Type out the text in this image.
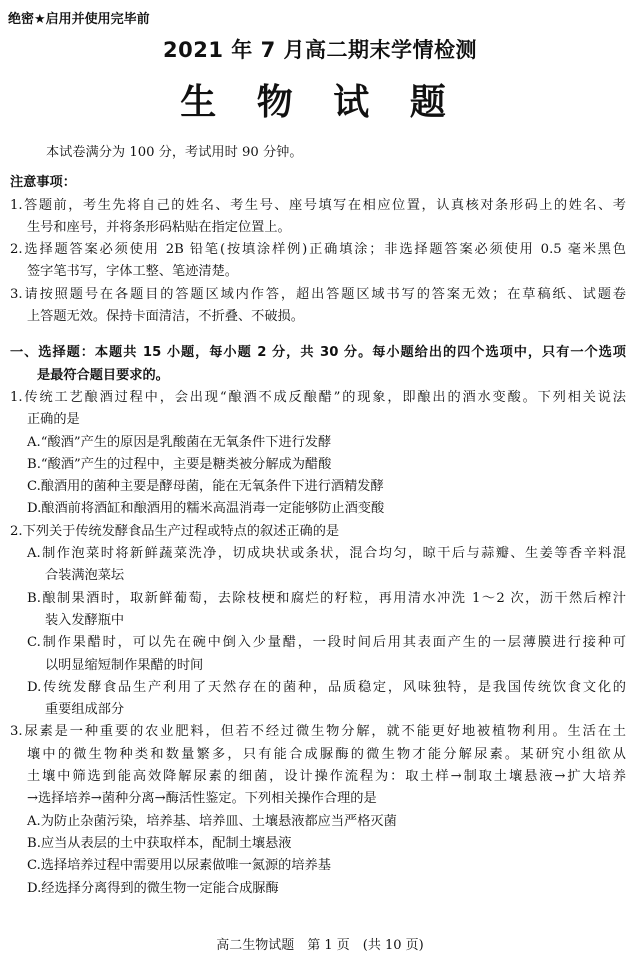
绝密★启用并使用完毕前
2021 年 7 月高二期末学情检测
生 物 试 题

本试卷满分为 100 分，考试用时 90 分钟。

注意事项：

1.答题前，考生先将自己的姓名、考生号、座号填写在相应位置，认真核对条形码上的姓名、考

生号和座号，并将条形码粘贴在指定位置上。

2.选择题答案必须使用 2B 铅笔(按填涂样例)正确填涂；非选择题答案必须使用 0.5 毫米黑色

签字笔书写，字体工整、笔迹清楚。

3.请按照题号在各题目的答题区域内作答，超出答题区域书写的答案无效；在草稿纸、试题卷

上答题无效。保持卡面清洁，不折叠、不破损。

一、选择题：本题共 15 小题，每小题 2 分，共 30 分。每小题给出的四个选项中，只有一个选项

是最符合题目要求的。

1.传统工艺酿酒过程中，会出现“酿酒不成反酿醋”的现象，即酿出的酒水变酸。下列相关说法

正确的是

A.“酸酒”产生的原因是乳酸菌在无氧条件下进行发酵

B.“酸酒”产生的过程中，主要是糖类被分解成为醋酸

C.酿酒用的菌种主要是酵母菌，能在无氧条件下进行酒精发酵

D.酿酒前将酒缸和酿酒用的糯米高温消毒一定能够防止酒变酸

2.下列关于传统发酵食品生产过程或特点的叙述正确的是

A.制作泡菜时将新鲜蔬菜洗净，切成块状或条状，混合均匀，晾干后与蒜瓣、生姜等香辛料混

合装满泡菜坛

B.酿制果酒时，取新鲜葡萄，去除枝梗和腐烂的籽粒，再用清水冲洗 1～2 次，沥干然后榨汁

装入发酵瓶中

C.制作果醋时，可以先在碗中倒入少量醋，一段时间后用其表面产生的一层薄膜进行接种可

以明显缩短制作果醋的时间

D.传统发酵食品生产利用了天然存在的菌种，品质稳定，风味独特，是我国传统饮食文化的

重要组成部分

3.尿素是一种重要的农业肥料，但若不经过微生物分解，就不能更好地被植物利用。生活在土

壤中的微生物种类和数量繁多，只有能合成脲酶的微生物才能分解尿素。某研究小组欲从

土壤中筛选到能高效降解尿素的细菌，设计操作流程为：取土样→制取土壤悬液→扩大培养

→选择培养→菌种分离→酶活性鉴定。下列相关操作合理的是

A.为防止杂菌污染，培养基、培养皿、土壤悬液都应当严格灭菌

B.应当从表层的土中获取样本，配制土壤悬液

C.选择培养过程中需要用以尿素做唯一氮源的培养基

D.经选择分离得到的微生物一定能合成脲酶

高二生物试题　第 1 页　(共 10 页)
